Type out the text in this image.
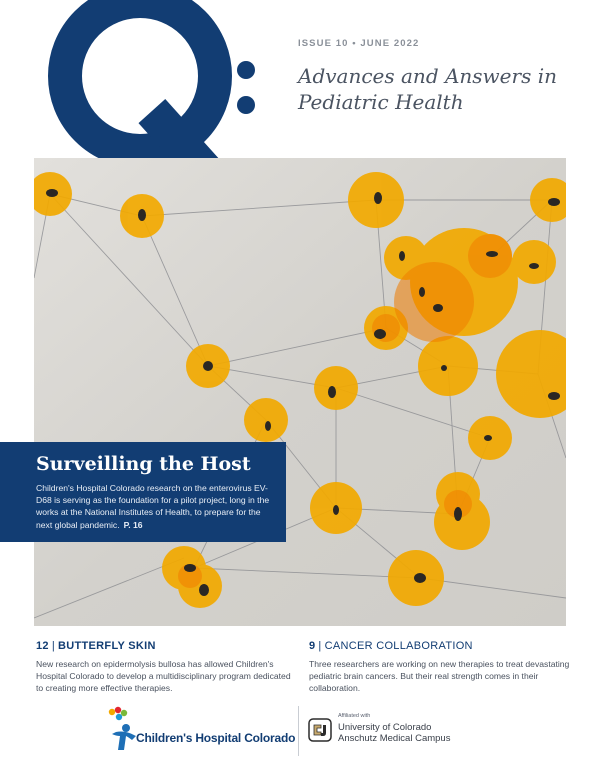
ISSUE 10 • JUNE 2022
Advances and Answers in
Pediatric Health
Surveilling the Host

Children's Hospital Colorado research on the enterovirus EV-D68 is serving as the foundation for a pilot project, long in the works at the National Institutes of Health, to prepare for the next global pandemic. P. 16

12 | BUTTERFLY SKIN

New research on epidermolysis bullosa has allowed Children's Hospital Colorado to develop a multidisciplinary program dedicated to creating more effective therapies.

9 | CANCER COLLABORATION

Three researchers are working on new therapies to treat devastating pediatric brain cancers. But their real strength comes in their collaboration.

Children's Hospital Colorado
Affiliated with
University of Colorado
Anschutz Medical Campus
